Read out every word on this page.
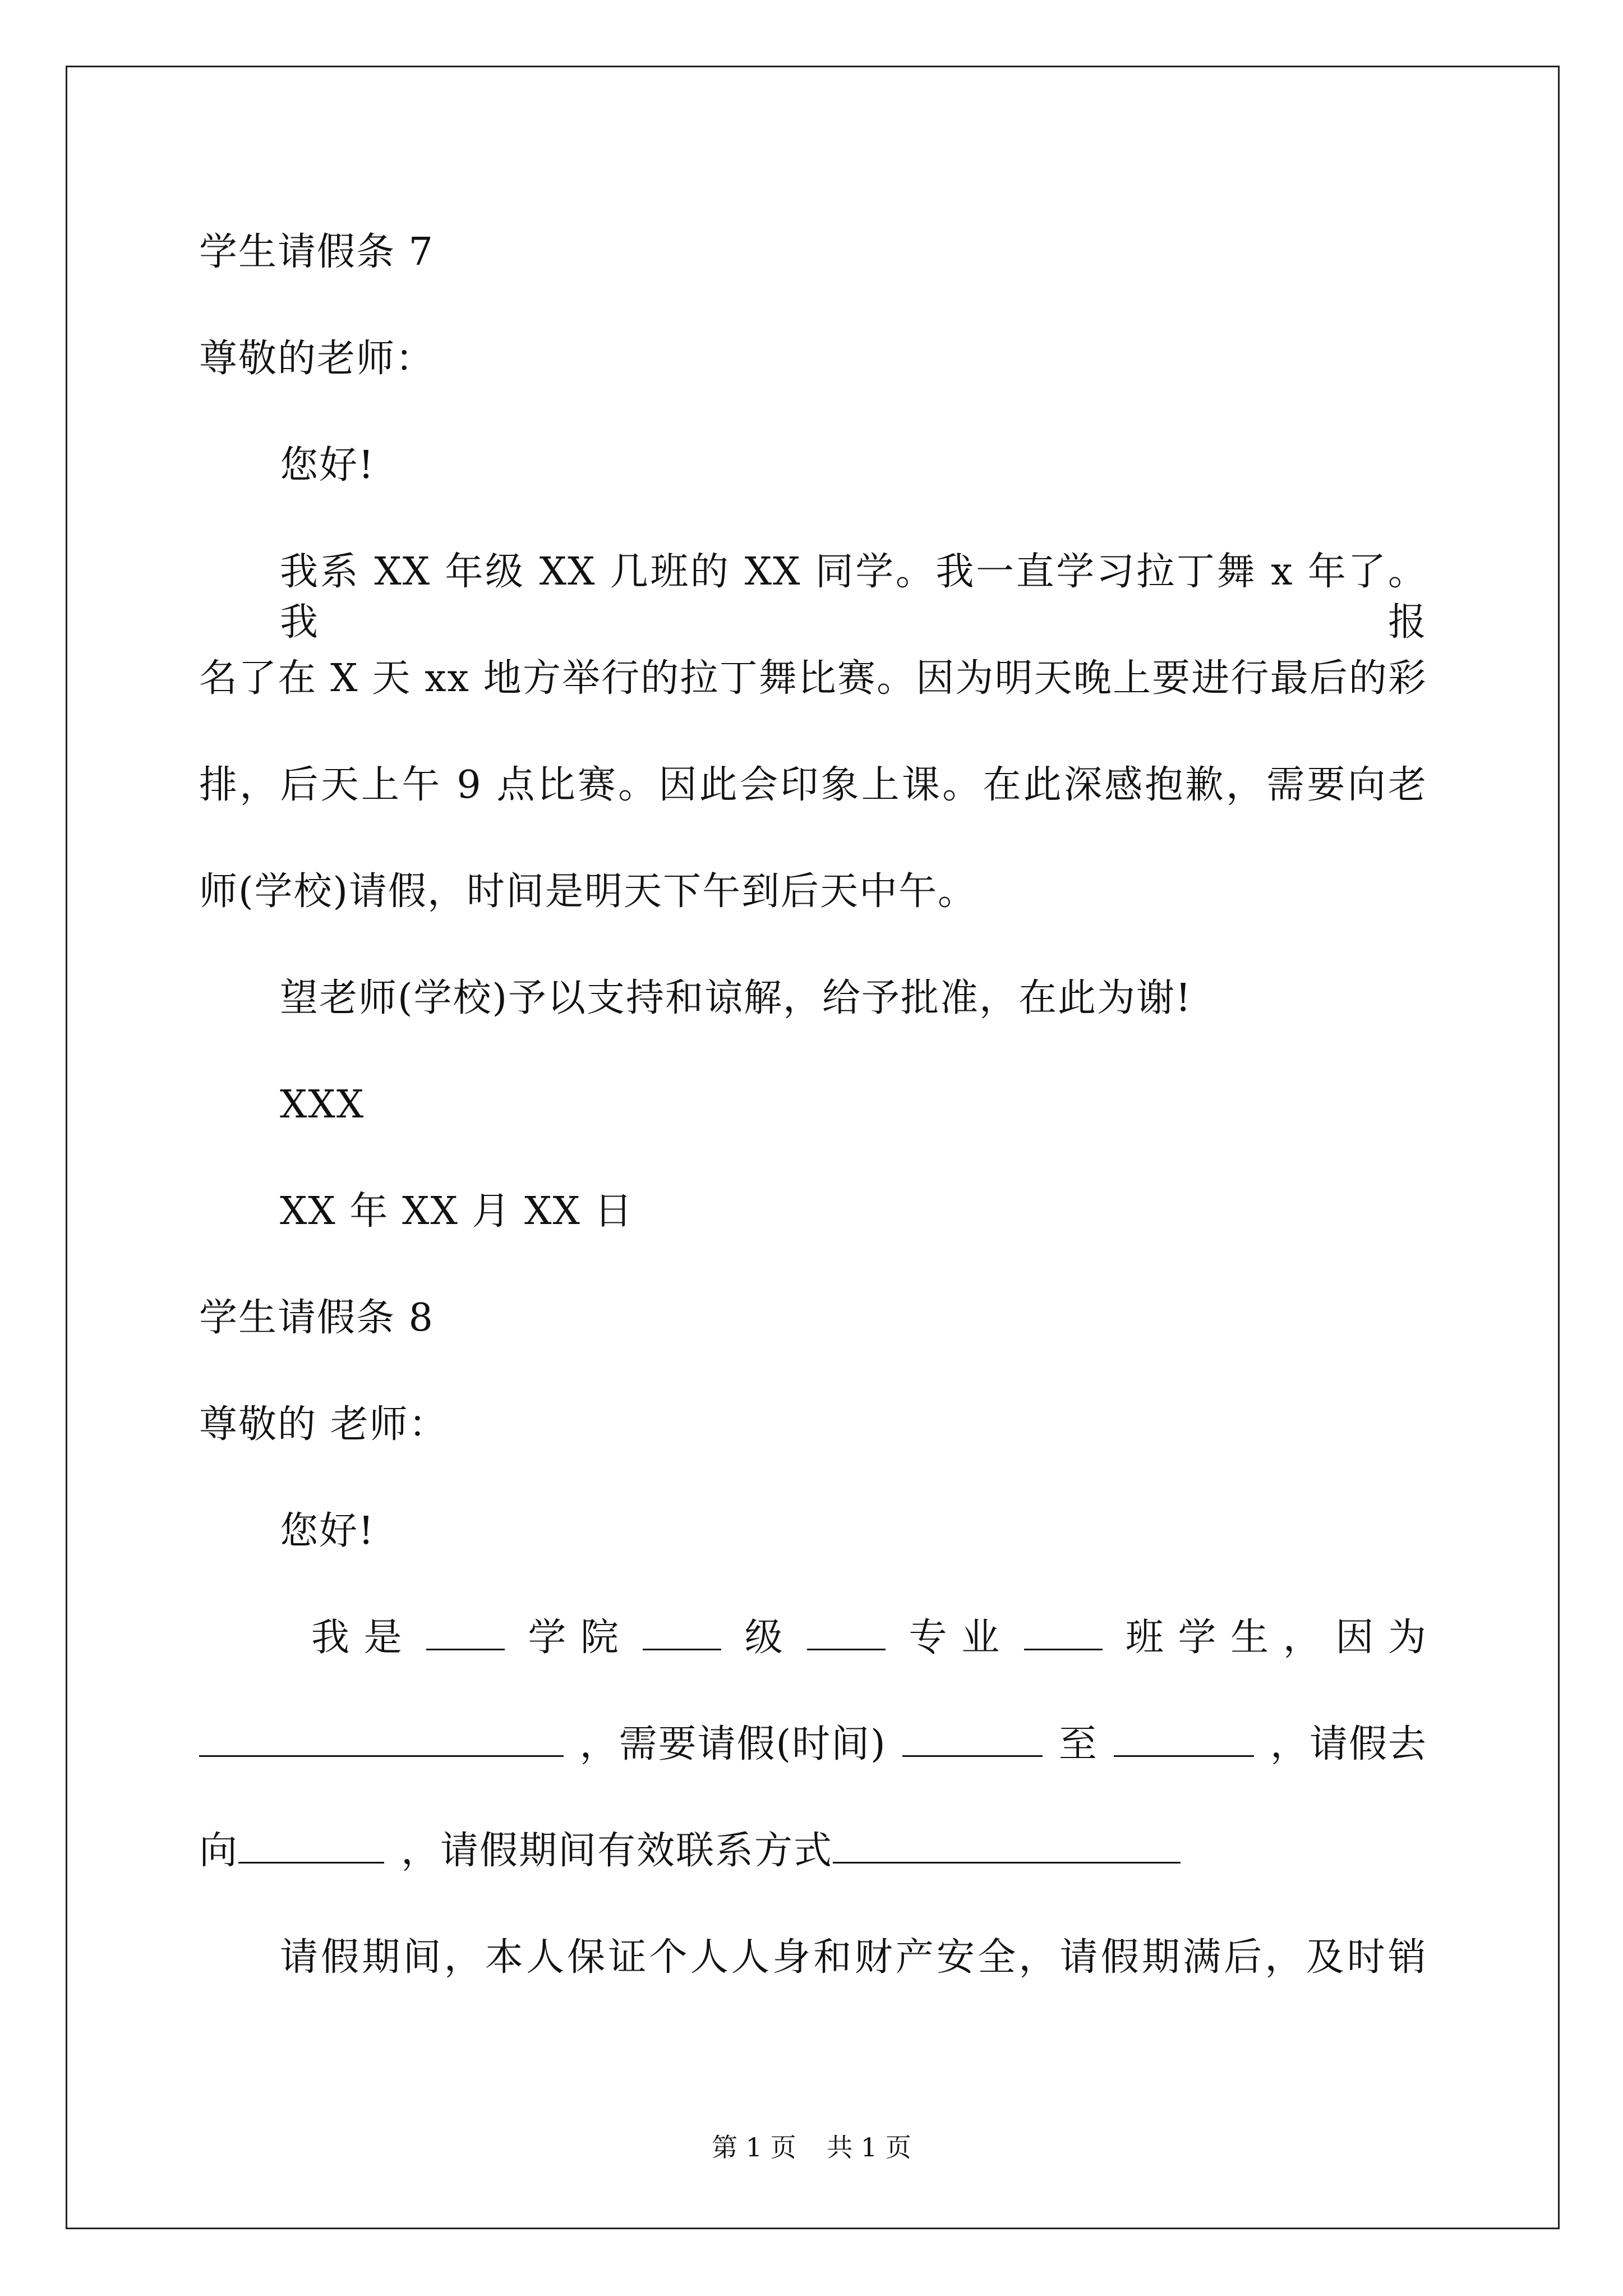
学生请假条 7
尊敬的老师：
您好!
我系 XX 年级 XX 几班的 XX 同学。我一直学习拉丁舞 x 年了。我报
名了在 X 天 xx 地方举行的拉丁舞比赛。因为明天晚上要进行最后的彩
排，后天上午 9 点比赛。因此会印象上课。在此深感抱歉，需要向老
师(学校)请假，时间是明天下午到后天中午。
望老师(学校)予以支持和谅解，给予批准，在此为谢!
XXX
XX 年 XX 月 XX 日
学生请假条 8
尊敬的 老师：
您好!
我 是	学 院	级	专 业	班 学 生 ， 因 为
，需要请假(时间)	至	，请假去
向	，请假期间有效联系方式
请假期间，本人保证个人人身和财产安全，请假期满后，及时销
第 1 页 共 1 页
